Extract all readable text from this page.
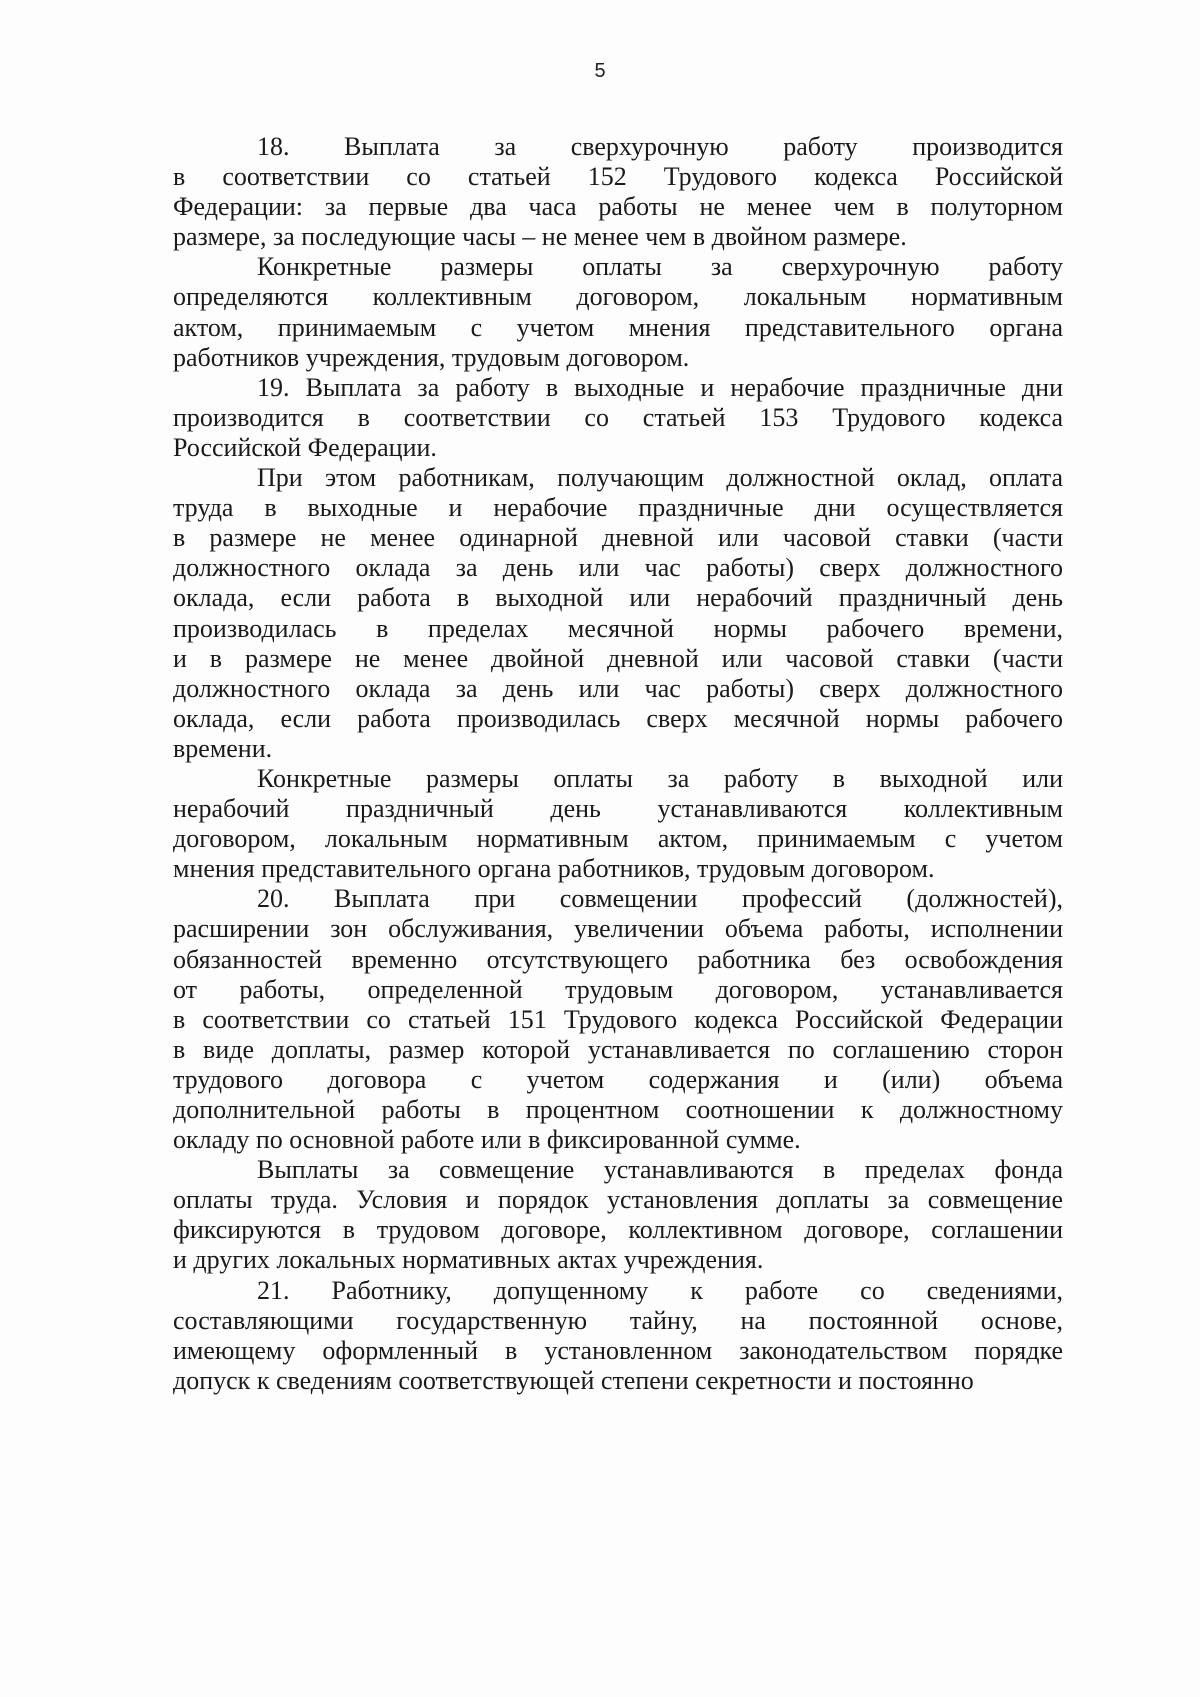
5
18. Выплата за сверхурочную работу производится
в соответствии со статьей 152 Трудового кодекса Российской
Федерации: за первые два часа работы не менее чем в полуторном
размере, за последующие часы – не менее чем в двойном размере.
Конкретные размеры оплаты за сверхурочную работу
определяются коллективным договором, локальным нормативным
актом, принимаемым с учетом мнения представительного органа
работников учреждения, трудовым договором.
19. Выплата за работу в выходные и нерабочие праздничные дни
производится в соответствии со статьей 153 Трудового кодекса
Российской Федерации.
При этом работникам, получающим должностной оклад, оплата
труда в выходные и нерабочие праздничные дни осуществляется
в размере не менее одинарной дневной или часовой ставки (части
должностного оклада за день или час работы) сверх должностного
оклада, если работа в выходной или нерабочий праздничный день
производилась в пределах месячной нормы рабочего времени,
и в размере не менее двойной дневной или часовой ставки (части
должностного оклада за день или час работы) сверх должностного
оклада, если работа производилась сверх месячной нормы рабочего
времени.
Конкретные размеры оплаты за работу в выходной или
нерабочий праздничный день устанавливаются коллективным
договором, локальным нормативным актом, принимаемым с учетом
мнения представительного органа работников, трудовым договором.
20. Выплата при совмещении профессий (должностей),
расширении зон обслуживания, увеличении объема работы, исполнении
обязанностей временно отсутствующего работника без освобождения
от работы, определенной трудовым договором, устанавливается
в соответствии со статьей 151 Трудового кодекса Российской Федерации
в виде доплаты, размер которой устанавливается по соглашению сторон
трудового договора с учетом содержания и (или) объема
дополнительной работы в процентном соотношении к должностному
окладу по основной работе или в фиксированной сумме.
Выплаты за совмещение устанавливаются в пределах фонда
оплаты труда. Условия и порядок установления доплаты за совмещение
фиксируются в трудовом договоре, коллективном договоре, соглашении
и других локальных нормативных актах учреждения.
21. Работнику, допущенному к работе со сведениями,
составляющими государственную тайну, на постоянной основе,
имеющему оформленный в установленном законодательством порядке
допуск к сведениям соответствующей степени секретности и постоянно
